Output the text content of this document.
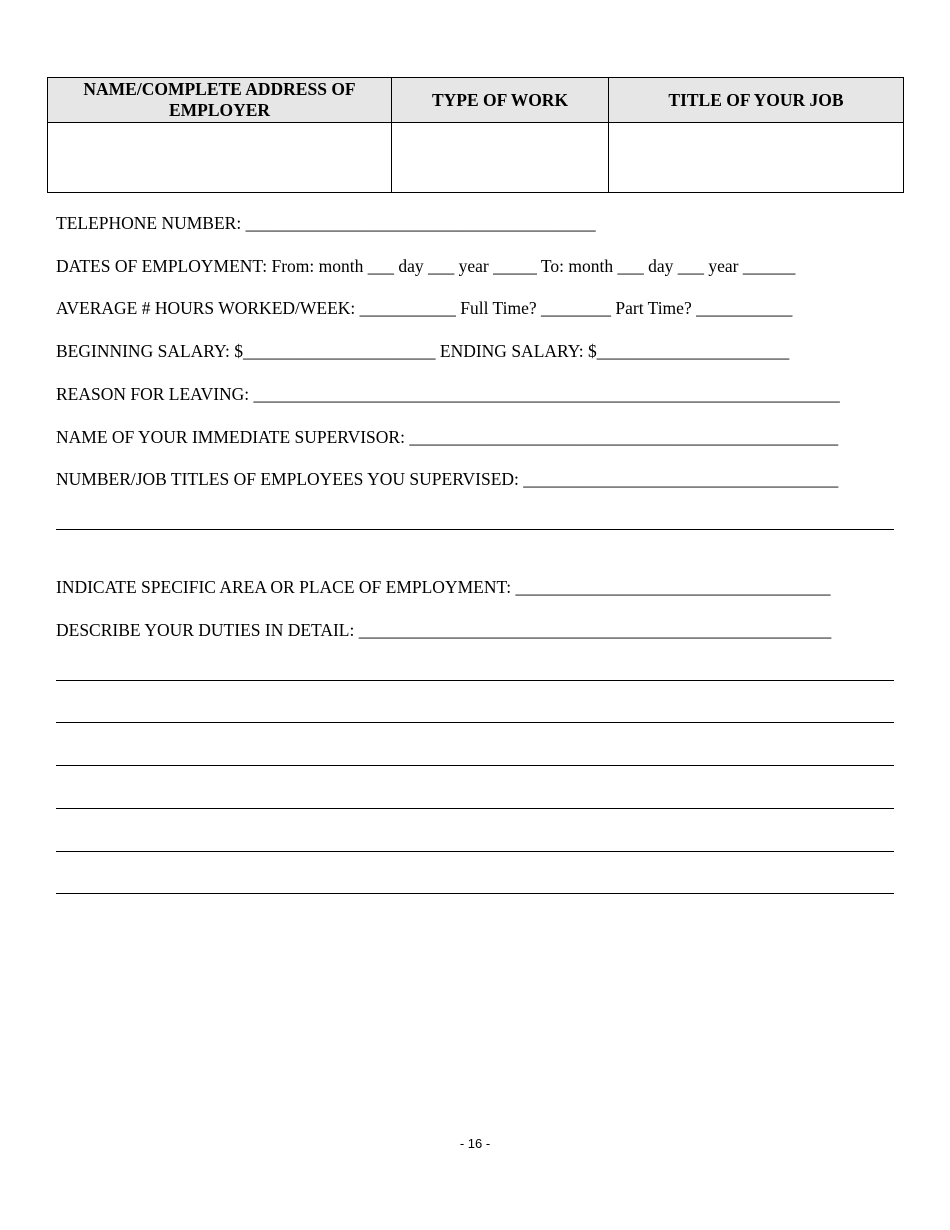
NAME/COMPLETE ADDRESS OF EMPLOYER	TYPE OF WORK	TITLE OF YOUR JOB

TELEPHONE NUMBER: ________________________________________
DATES OF EMPLOYMENT: From: month ___ day ___ year _____ To: month ___ day ___ year ______
AVERAGE # HOURS WORKED/WEEK: ___________ Full Time? ________ Part Time? ___________
BEGINNING SALARY: $______________________ ENDING SALARY: $______________________
REASON FOR LEAVING: ___________________________________________________________________
NAME OF YOUR IMMEDIATE SUPERVISOR: _________________________________________________
NUMBER/JOB TITLES OF EMPLOYEES YOU SUPERVISED: ____________________________________
INDICATE SPECIFIC AREA OR PLACE OF EMPLOYMENT: ____________________________________
DESCRIBE YOUR DUTIES IN DETAIL: ______________________________________________________
- 16 -
